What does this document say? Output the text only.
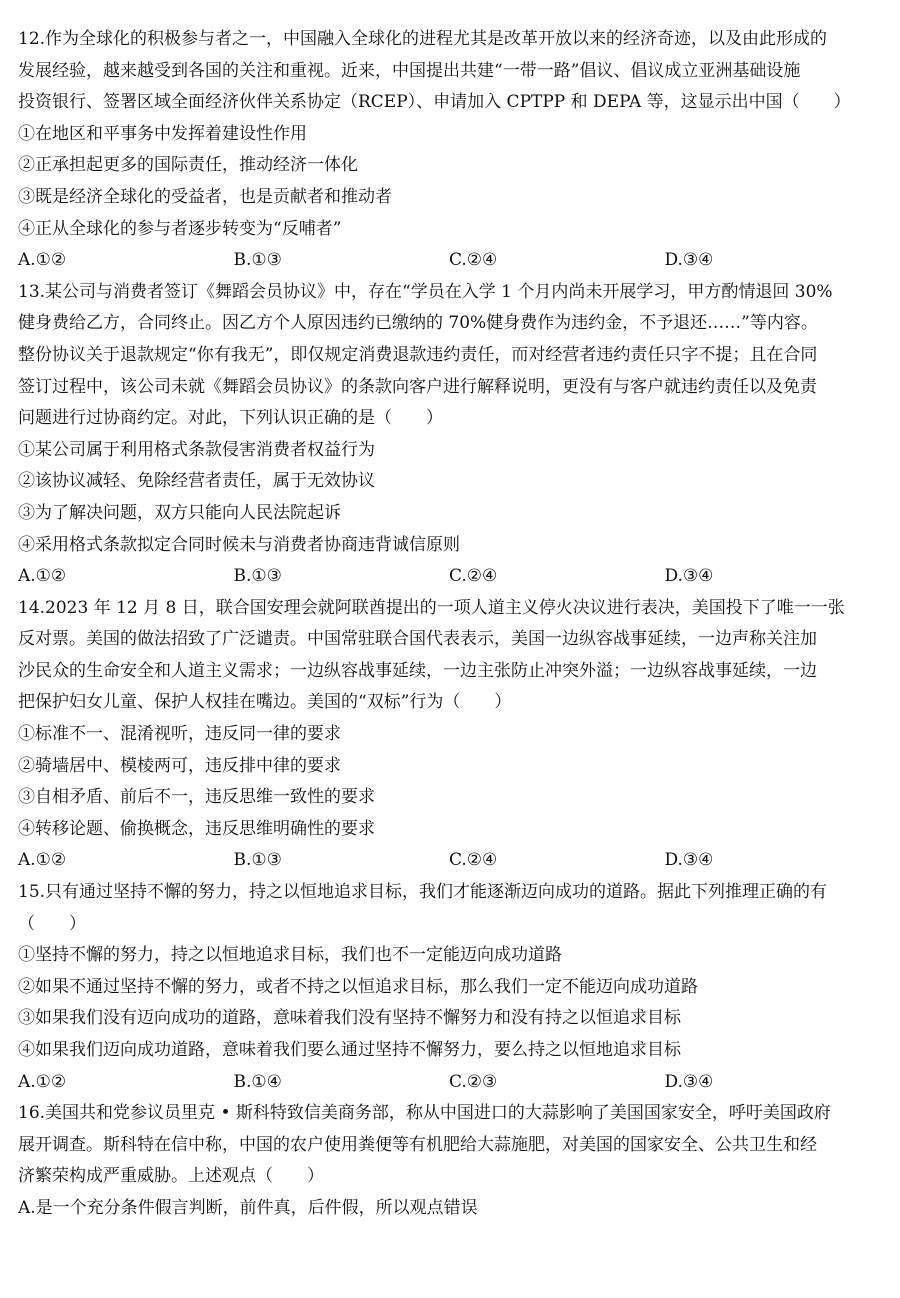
12.作为全球化的积极参与者之一，中国融入全球化的进程尤其是改革开放以来的经济奇迹，以及由此形成的
发展经验，越来越受到各国的关注和重视。近来，中国提出共建“一带一路”倡议、倡议成立亚洲基础设施
投资银行、签署区域全面经济伙伴关系协定（RCEP）、申请加入 CPTPP 和 DEPA 等，这显示出中国（　　）
①在地区和平事务中发挥着建设性作用
②正承担起更多的国际责任，推动经济一体化
③既是经济全球化的受益者，也是贡献者和推动者
④正从全球化的参与者逐步转变为“反哺者”
A.①②	B.①③	C.②④	D.③④
13.某公司与消费者签订《舞蹈会员协议》中，存在“学员在入学 1 个月内尚未开展学习，甲方酌情退回 30%
健身费给乙方，合同终止。因乙方个人原因违约已缴纳的 70%健身费作为违约金，不予退还……”等内容。
整份协议关于退款规定“你有我无”，即仅规定消费退款违约责任，而对经营者违约责任只字不提；且在合同
签订过程中，该公司未就《舞蹈会员协议》的条款向客户进行解释说明，更没有与客户就违约责任以及免责
问题进行过协商约定。对此，下列认识正确的是（　　）
①某公司属于利用格式条款侵害消费者权益行为
②该协议减轻、免除经营者责任，属于无效协议
③为了解决问题，双方只能向人民法院起诉
④采用格式条款拟定合同时候未与消费者协商违背诚信原则
A.①②	B.①③	C.②④	D.③④
14.2023 年 12 月 8 日，联合国安理会就阿联酋提出的一项人道主义停火决议进行表决，美国投下了唯一一张
反对票。美国的做法招致了广泛谴责。中国常驻联合国代表表示，美国一边纵容战事延续，一边声称关注加
沙民众的生命安全和人道主义需求；一边纵容战事延续，一边主张防止冲突外溢；一边纵容战事延续，一边
把保护妇女儿童、保护人权挂在嘴边。美国的“双标”行为（　　）
①标准不一、混淆视听，违反同一律的要求
②骑墙居中、模棱两可，违反排中律的要求
③自相矛盾、前后不一，违反思维一致性的要求
④转移论题、偷换概念，违反思维明确性的要求
A.①②	B.①③	C.②④	D.③④
15.只有通过坚持不懈的努力，持之以恒地追求目标，我们才能逐渐迈向成功的道路。据此下列推理正确的有
（　　）
①坚持不懈的努力，持之以恒地追求目标，我们也不一定能迈向成功道路
②如果不通过坚持不懈的努力，或者不持之以恒追求目标，那么我们一定不能迈向成功道路
③如果我们没有迈向成功的道路，意味着我们没有坚持不懈努力和没有持之以恒追求目标
④如果我们迈向成功道路，意味着我们要么通过坚持不懈努力，要么持之以恒地追求目标
A.①②	B.①④	C.②③	D.③④
16.美国共和党参议员里克 • 斯科特致信美商务部，称从中国进口的大蒜影响了美国国家安全，呼吁美国政府
展开调查。斯科特在信中称，中国的农户使用粪便等有机肥给大蒜施肥，对美国的国家安全、公共卫生和经
济繁荣构成严重威胁。上述观点（　　）
A.是一个充分条件假言判断，前件真，后件假，所以观点错误
